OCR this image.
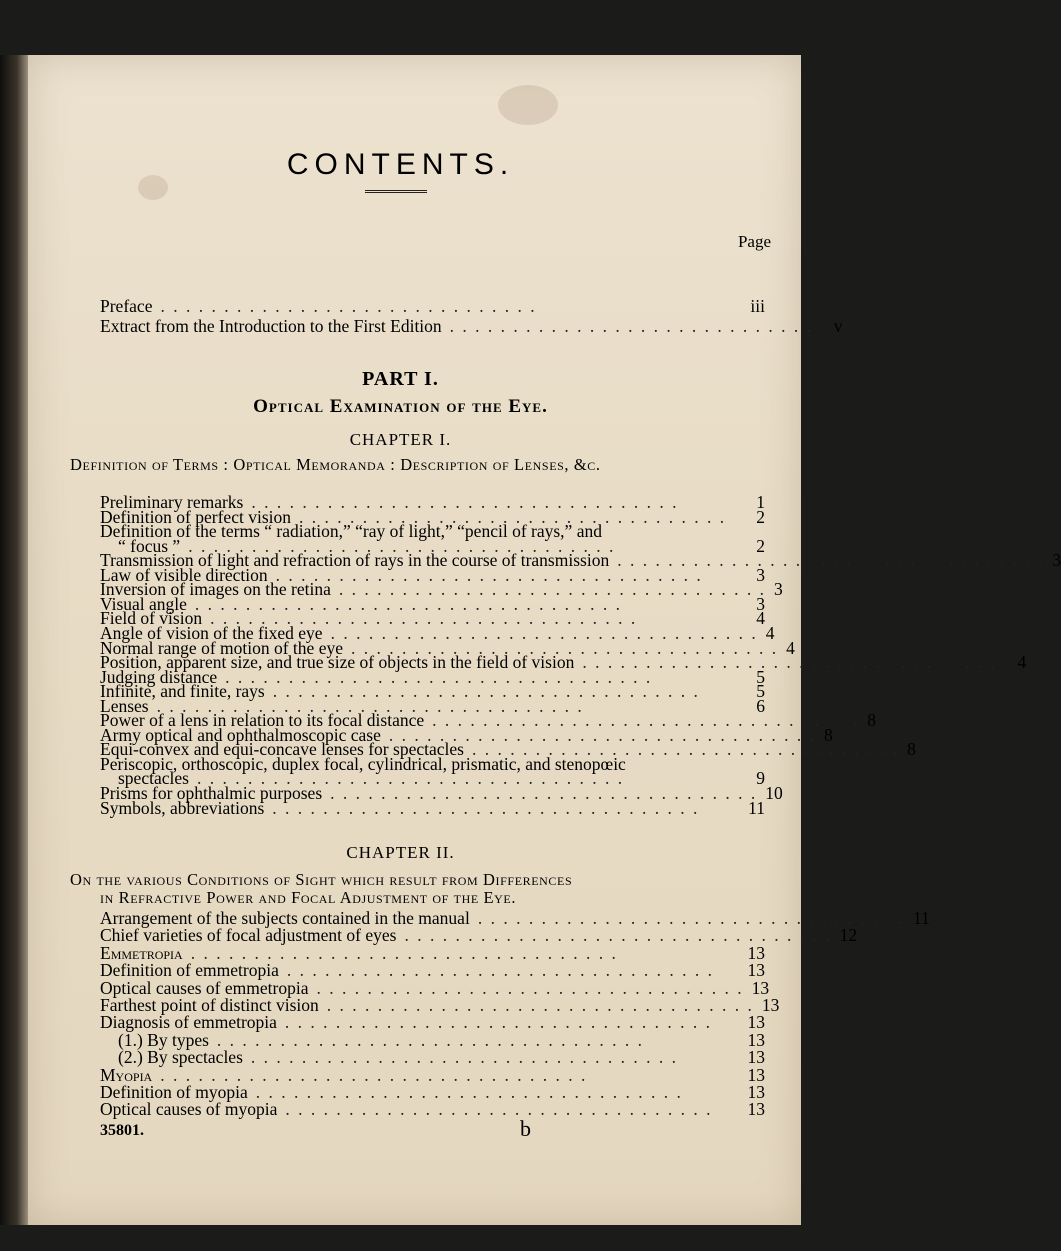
CONTENTS.
Page
Preface . . . . . . . . . . . . . . . . . . . . . . . . . . . . . .	iii
Extract from the Introduction to the First Edition . . . . . . . . . . . . . . . . . . . . . . . . . . . . . . v
PART I.
Optical Examination of the Eye.
CHAPTER I.
Definition of Terms : Optical Memoranda : Description of Lenses, &c.
Preliminary remarks . . . . . . . . . . . . . . . . . . . . . . . . . . . . . . . . . .	1
Definition of perfect vision . . . . . . . . . . . . . . . . . . . . . . . . . . . . . . . . . .	2
Definition of the terms “ radiation,” “ray of light,” “pencil of rays,” and
“ focus ” . . . . . . . . . . . . . . . . . . . . . . . . . . . . . . . . . .	2
Transmission of light and refraction of rays in the course of transmission . . . . . . . . . . . . . . . . . . . . . . . . . . . . . . . . . . 3
Law of visible direction . . . . . . . . . . . . . . . . . . . . . . . . . . . . . . . . . .	3
Inversion of images on the retina . . . . . . . . . . . . . . . . . . . . . . . . . . . . . . . . . . 3
Visual angle . . . . . . . . . . . . . . . . . . . . . . . . . . . . . . . . . .	3
Field of vision . . . . . . . . . . . . . . . . . . . . . . . . . . . . . . . . . .	4
Angle of vision of the fixed eye . . . . . . . . . . . . . . . . . . . . . . . . . . . . . . . . . . 4
Normal range of motion of the eye . . . . . . . . . . . . . . . . . . . . . . . . . . . . . . . . . . 4
Position, apparent size, and true size of objects in the field of vision . . . . . . . . . . . . . . . . . . . . . . . . . . . . . . . . . . 4
Judging distance . . . . . . . . . . . . . . . . . . . . . . . . . . . . . . . . . .	5
Infinite, and finite, rays . . . . . . . . . . . . . . . . . . . . . . . . . . . . . . . . . .	5
Lenses . . . . . . . . . . . . . . . . . . . . . . . . . . . . . . . . . .	6
Power of a lens in relation to its focal distance . . . . . . . . . . . . . . . . . . . . . . . . . . . . . . . . . . 8
Army optical and ophthalmoscopic case . . . . . . . . . . . . . . . . . . . . . . . . . . . . . . . . . . 8
Equi-convex and equi-concave lenses for spectacles . . . . . . . . . . . . . . . . . . . . . . . . . . . . . . . . . . 8
Periscopic, orthoscopic, duplex focal, cylindrical, prismatic, and stenopœic
spectacles . . . . . . . . . . . . . . . . . . . . . . . . . . . . . . . . . .	9
Prisms for ophthalmic purposes . . . . . . . . . . . . . . . . . . . . . . . . . . . . . . . . . . 10
Symbols, abbreviations . . . . . . . . . . . . . . . . . . . . . . . . . . . . . . . . . .	11
CHAPTER II.
On the various Conditions of Sight which result from Differences
in Refractive Power and Focal Adjustment of the Eye.
Arrangement of the subjects contained in the manual . . . . . . . . . . . . . . . . . . . . . . . . . . . . . . . . . . 11
Chief varieties of focal adjustment of eyes . . . . . . . . . . . . . . . . . . . . . . . . . . . . . . . . . . 12
Emmetropia . . . . . . . . . . . . . . . . . . . . . . . . . . . . . . . . . .	13
Definition of emmetropia . . . . . . . . . . . . . . . . . . . . . . . . . . . . . . . . . .	13
Optical causes of emmetropia . . . . . . . . . . . . . . . . . . . . . . . . . . . . . . . . . . 13
Farthest point of distinct vision . . . . . . . . . . . . . . . . . . . . . . . . . . . . . . . . . . 13
Diagnosis of emmetropia . . . . . . . . . . . . . . . . . . . . . . . . . . . . . . . . . .	13
(1.) By types . . . . . . . . . . . . . . . . . . . . . . . . . . . . . . . . . .	13
(2.) By spectacles . . . . . . . . . . . . . . . . . . . . . . . . . . . . . . . . . .	13
Myopia . . . . . . . . . . . . . . . . . . . . . . . . . . . . . . . . . .	13
Definition of myopia . . . . . . . . . . . . . . . . . . . . . . . . . . . . . . . . . .	13
Optical causes of myopia . . . . . . . . . . . . . . . . . . . . . . . . . . . . . . . . . .	13
35801.	b
